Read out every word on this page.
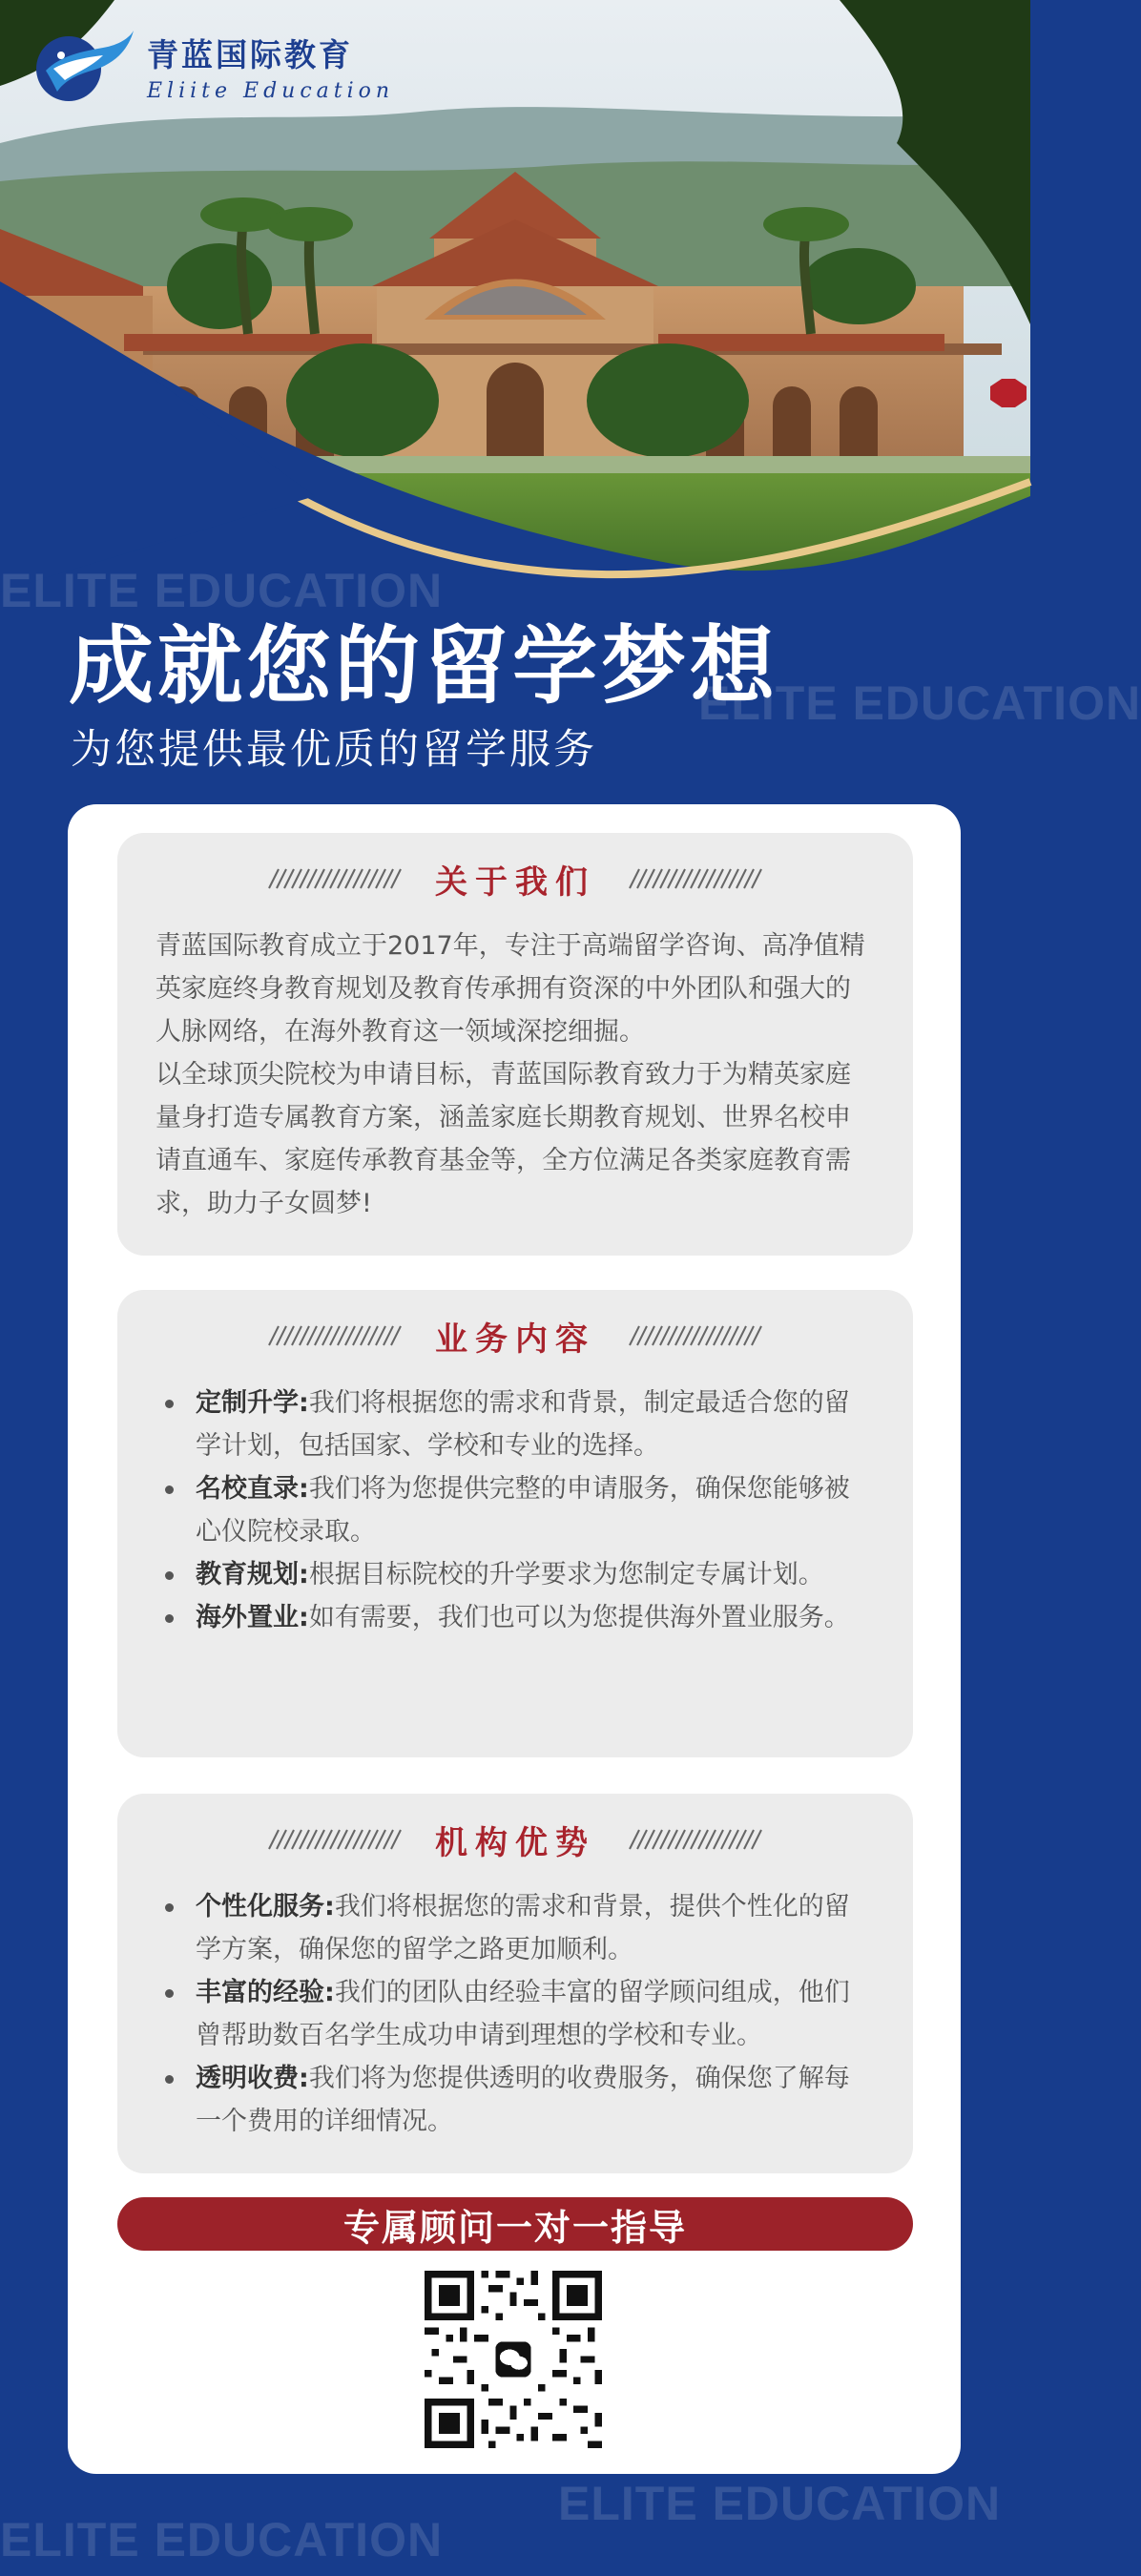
青蓝国际教育
Eliite Education
ELITE EDUCATION
ELITE EDUCATION
ELITE EDUCATION
ELITE EDUCATION
成就您的留学梦想
为您提供最优质的留学服务
关于我们

青蓝国际教育成立于2017年，专注于高端留学咨询、高净值精英家庭终身教育规划及教育传承拥有资深的中外团队和强大的人脉网络，在海外教育这一领域深挖细掘。

以全球顶尖院校为申请目标，青蓝国际教育致力于为精英家庭量身打造专属教育方案，涵盖家庭长期教育规划、世界名校申请直通车、家庭传承教育基金等，全方位满足各类家庭教育需求，助力子女圆梦!

业务内容
定制升学:我们将根据您的需求和背景，制定最适合您的留学计划，包括国家、学校和专业的选择。
名校直录:我们将为您提供完整的申请服务，确保您能够被心仪院校录取。
教育规划:根据目标院校的升学要求为您制定专属计划。
海外置业:如有需要，我们也可以为您提供海外置业服务。
机构优势
个性化服务:我们将根据您的需求和背景，提供个性化的留学方案，确保您的留学之路更加顺利。
丰富的经验:我们的团队由经验丰富的留学顾问组成，他们曾帮助数百名学生成功申请到理想的学校和专业。
透明收费:我们将为您提供透明的收费服务，确保您了解每一个费用的详细情况。
专属顾问一对一指导
